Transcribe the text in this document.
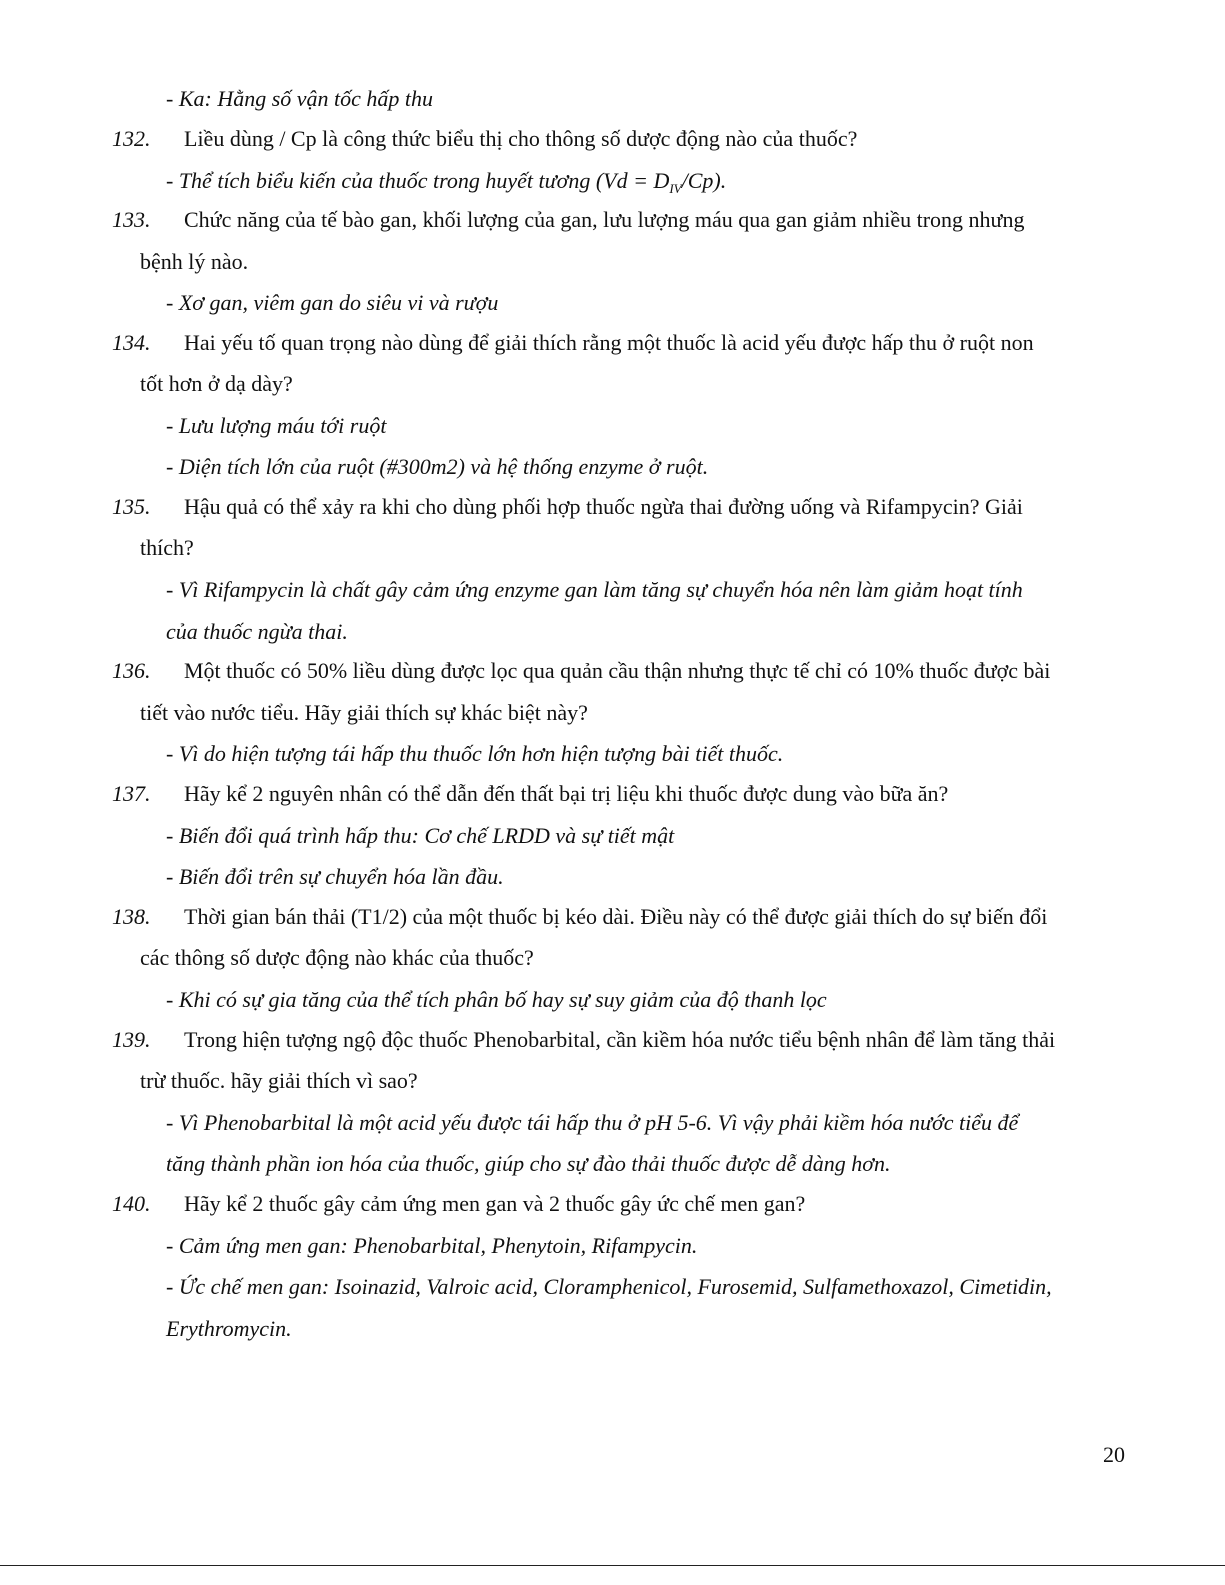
- Ka: Hằng số vận tốc hấp thu
132. Liều dùng / Cp là công thức biểu thị cho thông số dược động nào của thuốc?
- Thể tích biểu kiến của thuốc trong huyết tương $(Vd = D_{IV}/Cp)$.
133. Chức năng của tế bào gan, khối lượng của gan, lưu lượng máu qua gan giảm nhiều trong nhưng
bệnh lý nào.
- Xơ gan, viêm gan do siêu vi và rượu
134. Hai yếu tố quan trọng nào dùng để giải thích rằng một thuốc là acid yếu được hấp thu ở ruột non
tốt hơn ở dạ dày?
- Lưu lượng máu tới ruột
- Diện tích lớn của ruột (#300m2) và hệ thống enzyme ở ruột.
135. Hậu quả có thể xảy ra khi cho dùng phối hợp thuốc ngừa thai đường uống và Rifampycin? Giải
thích?
- Vì Rifampycin là chất gây cảm ứng enzyme gan làm tăng sự chuyển hóa nên làm giảm hoạt tính
của thuốc ngừa thai.
136. Một thuốc có 50% liều dùng được lọc qua quản cầu thận nhưng thực tế chỉ có 10% thuốc được bài
tiết vào nước tiểu. Hãy giải thích sự khác biệt này?
- Vì do hiện tượng tái hấp thu thuốc lớn hơn hiện tượng bài tiết thuốc.
137. Hãy kể 2 nguyên nhân có thể dẫn đến thất bại trị liệu khi thuốc được dung vào bữa ăn?
- Biến đổi quá trình hấp thu: Cơ chế LRDD và sự tiết mật
- Biến đổi trên sự chuyển hóa lần đầu.
138. Thời gian bán thải (T1/2) của một thuốc bị kéo dài. Điều này có thể được giải thích do sự biến đổi
các thông số dược động nào khác của thuốc?
- Khi có sự gia tăng của thể tích phân bố hay sự suy giảm của độ thanh lọc
139. Trong hiện tượng ngộ độc thuốc Phenobarbital, cần kiềm hóa nước tiểu bệnh nhân để làm tăng thải
trừ thuốc. hãy giải thích vì sao?
- Vì Phenobarbital là một acid yếu được tái hấp thu ở pH 5-6. Vì vậy phải kiềm hóa nước tiểu để
tăng thành phần ion hóa của thuốc, giúp cho sự đào thải thuốc được dễ dàng hơn.
140. Hãy kể 2 thuốc gây cảm ứng men gan và 2 thuốc gây ức chế men gan?
- Cảm ứng men gan: Phenobarbital, Phenytoin, Rifampycin.
- Ức chế men gan: Isoinazid, Valroic acid, Cloramphenicol, Furosemid, Sulfamethoxazol, Cimetidin,
Erythromycin.
20
